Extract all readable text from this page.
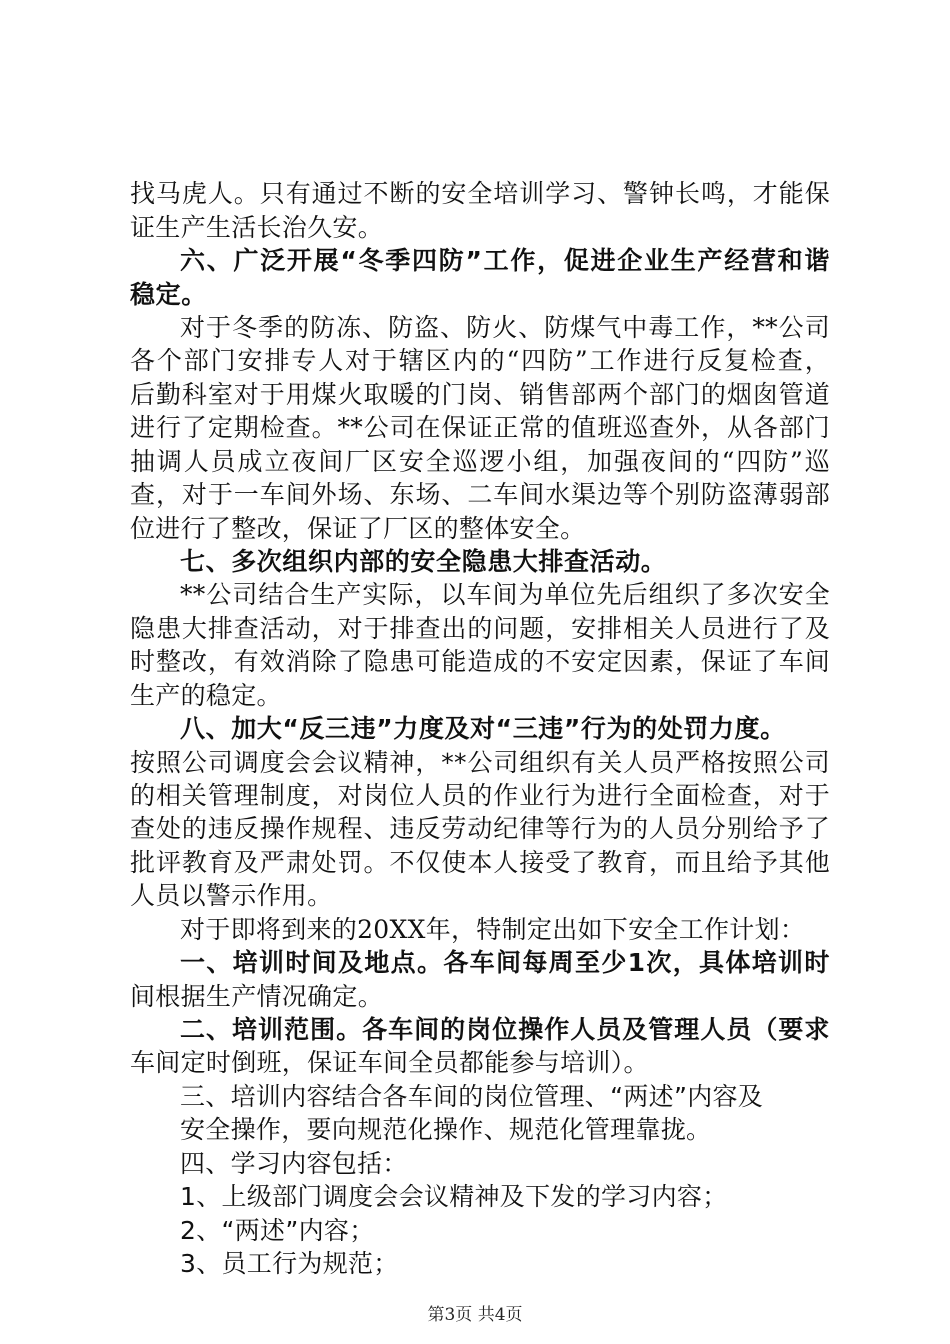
找马虎人。只有通过不断的安全培训学习、警钟长鸣，才能保
证生产生活长治久安。
六、广泛开展“冬季四防”工作，促进企业生产经营和谐
稳定。
对于冬季的防冻、防盗、防火、防煤气中毒工作，**公司
各个部门安排专人对于辖区内的“四防”工作进行反复检查，
后勤科室对于用煤火取暖的门岗、销售部两个部门的烟囱管道
进行了定期检查。**公司在保证正常的值班巡查外，从各部门
抽调人员成立夜间厂区安全巡逻小组，加强夜间的“四防”巡
查，对于一车间外场、东场、二车间水渠边等个别防盗薄弱部
位进行了整改，保证了厂区的整体安全。
七、多次组织内部的安全隐患大排查活动。
**公司结合生产实际，以车间为单位先后组织了多次安全
隐患大排查活动，对于排查出的问题，安排相关人员进行了及
时整改，有效消除了隐患可能造成的不安定因素，保证了车间
生产的稳定。
八、加大“反三违”力度及对“三违”行为的处罚力度。
按照公司调度会会议精神，**公司组织有关人员严格按照公司
的相关管理制度，对岗位人员的作业行为进行全面检查，对于
查处的违反操作规程、违反劳动纪律等行为的人员分别给予了
批评教育及严肃处罚。不仅使本人接受了教育，而且给予其他
人员以警示作用。
对于即将到来的20XX年，特制定出如下安全工作计划：
一、培训时间及地点。各车间每周至少1次，具体培训时
间根据生产情况确定。
二、培训范围。各车间的岗位操作人员及管理人员（要求
车间定时倒班，保证车间全员都能参与培训）。
三、培训内容结合各车间的岗位管理、“两述”内容及
安全操作，要向规范化操作、规范化管理靠拢。
四、学习内容包括：
1、上级部门调度会会议精神及下发的学习内容；
2、“两述”内容；
3、员工行为规范；
第3页 共4页
